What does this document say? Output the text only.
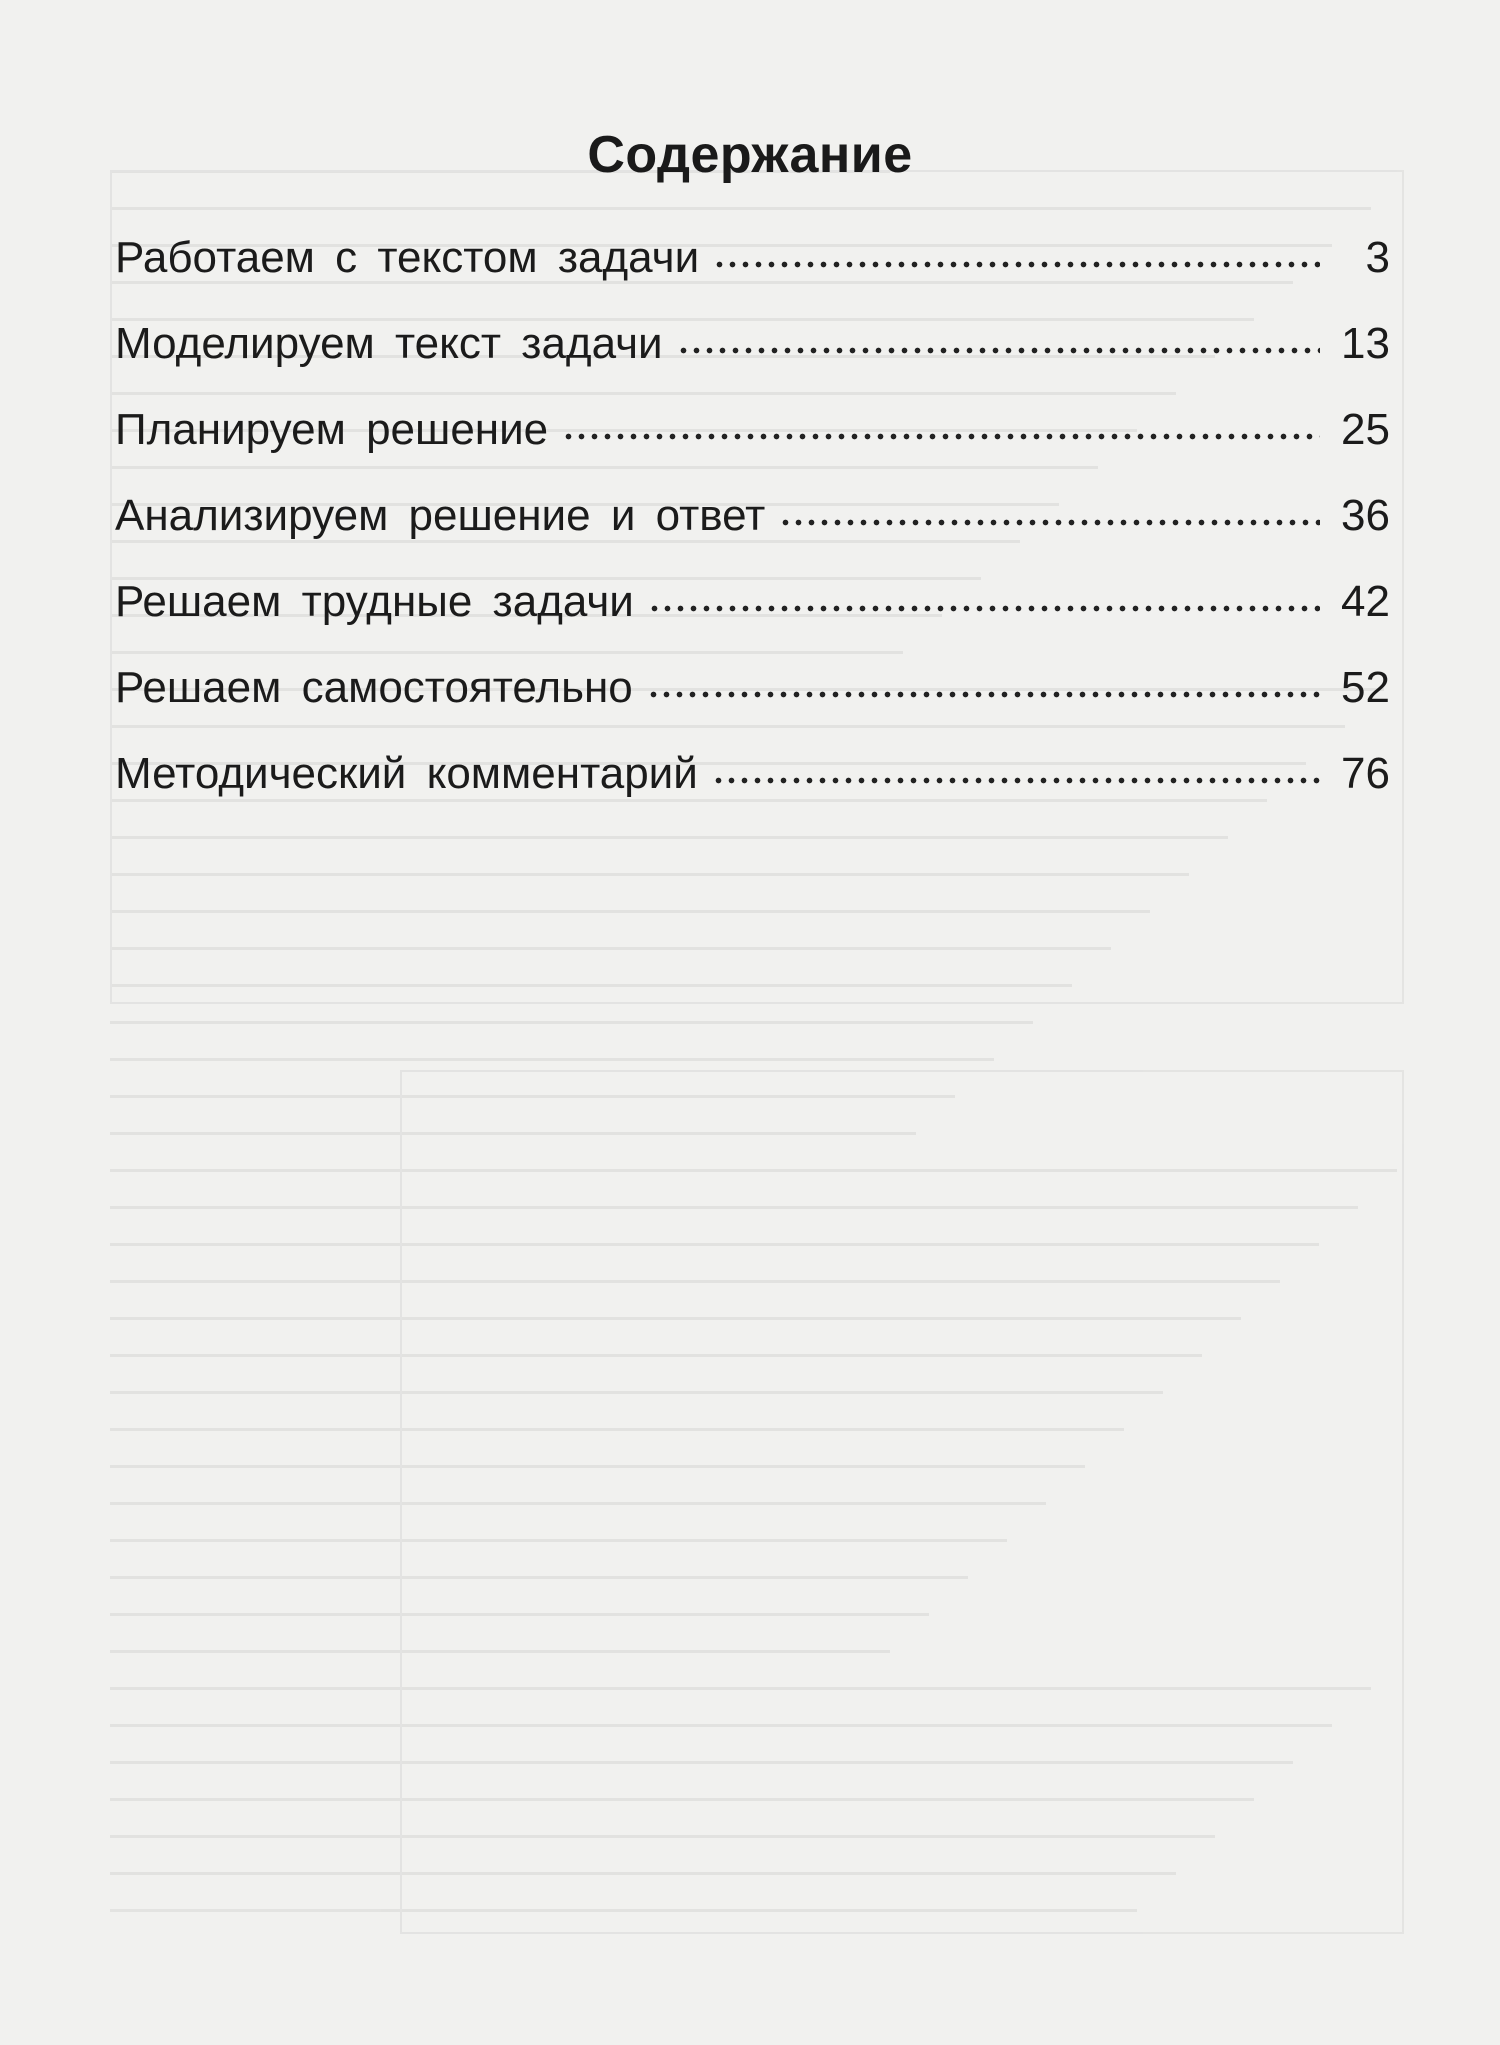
Содержание
Работаем с текстом задачи	3
Моделируем текст задачи	13
Планируем решение	25
Анализируем решение и ответ	36
Решаем трудные задачи	42
Решаем самостоятельно	52
Методический комментарий	76
